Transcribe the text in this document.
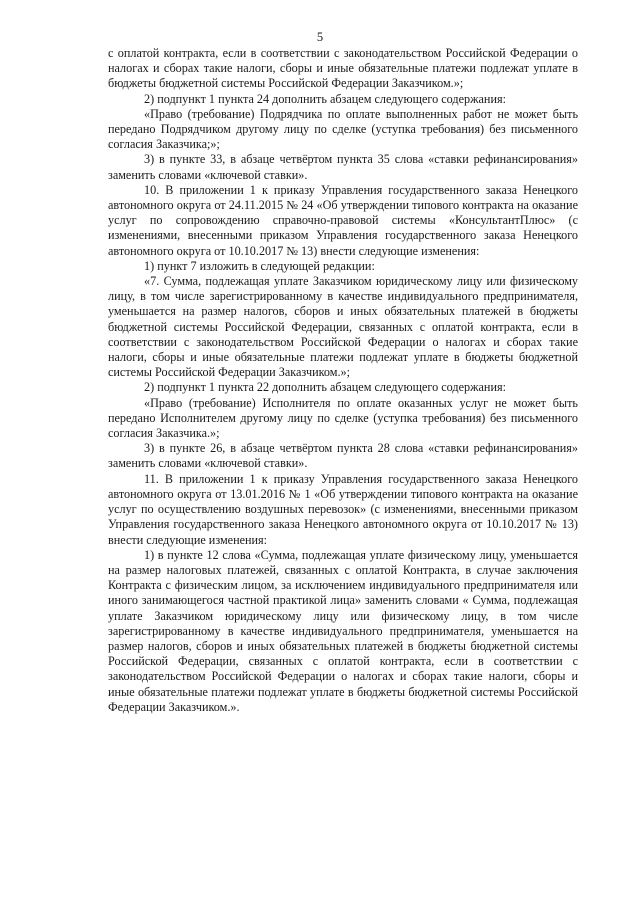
5

с оплатой контракта, если в соответствии с законодательством Российской Федерации о налогах и сборах такие налоги, сборы и иные обязательные платежи подлежат уплате в бюджеты бюджетной системы Российской Федерации Заказчиком.»;

2) подпункт 1 пункта 24 дополнить абзацем следующего содержания:

«Право (требование) Подрядчика по оплате выполненных работ не может быть передано Подрядчиком другому лицу по сделке (уступка требования) без письменного согласия Заказчика;»;

3) в пункте 33, в абзаце четвёртом пункта 35 слова «ставки рефинансирования» заменить словами «ключевой ставки».

10. В приложении 1 к приказу Управления государственного заказа Ненецкого автономного округа от 24.11.2015 № 24 «Об утверждении типового контракта на оказание услуг по сопровождению справочно-правовой системы «КонсультантПлюс» (с изменениями, внесенными приказом Управления государственного заказа Ненецкого автономного округа от 10.10.2017 № 13) внести следующие изменения:

1) пункт 7 изложить в следующей редакции:

«7. Сумма, подлежащая уплате Заказчиком юридическому лицу или физическому лицу, в том числе зарегистрированному в качестве индивидуального предпринимателя, уменьшается на размер налогов, сборов и иных обязательных платежей в бюджеты бюджетной системы Российской Федерации, связанных с оплатой контракта, если в соответствии с законодательством Российской Федерации о налогах и сборах такие налоги, сборы и иные обязательные платежи подлежат уплате в бюджеты бюджетной системы Российской Федерации Заказчиком.»;

2) подпункт 1 пункта 22 дополнить абзацем следующего содержания:

«Право (требование) Исполнителя по оплате оказанных услуг не может быть передано Исполнителем другому лицу по сделке (уступка требования) без письменного согласия Заказчика.»;

3) в пункте 26, в абзаце четвёртом пункта 28 слова «ставки рефинансирования» заменить словами «ключевой ставки».

11. В приложении 1 к приказу Управления государственного заказа Ненецкого автономного округа от 13.01.2016 № 1 «Об утверждении типового контракта на оказание услуг по осуществлению воздушных перевозок» (с изменениями, внесенными приказом Управления государственного заказа Ненецкого автономного округа от 10.10.2017 № 13) внести следующие изменения:

1) в пункте 12 слова «Сумма, подлежащая уплате физическому лицу, уменьшается на размер налоговых платежей, связанных с оплатой Контракта, в случае заключения Контракта с физическим лицом, за исключением индивидуального предпринимателя или иного занимающегося частной практикой лица» заменить словами « Сумма, подлежащая уплате Заказчиком юридическому лицу или физическому лицу, в том числе зарегистрированному в качестве индивидуального предпринимателя, уменьшается на размер налогов, сборов и иных обязательных платежей в бюджеты бюджетной системы Российской Федерации, связанных с оплатой контракта, если в соответствии с законодательством Российской Федерации о налогах и сборах такие налоги, сборы и иные обязательные платежи подлежат уплате в бюджеты бюджетной системы Российской Федерации Заказчиком.».
